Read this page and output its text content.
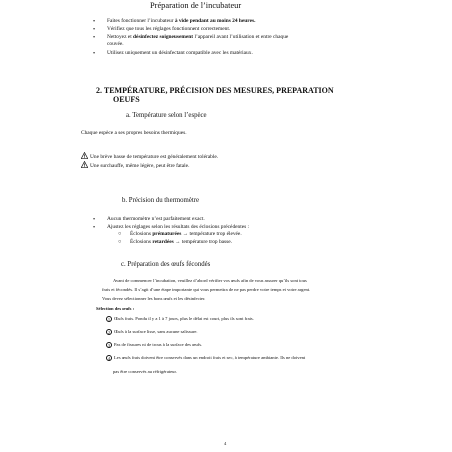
Préparation de l’incubateur
• Faites fonctionner l’incubateur à vide pendant au moins 24 heures.
• Vérifiez que tous les réglages fonctionnent correctement.
• Nettoyez et désinfectez soigneusement l’appareil avant l’utilisation et entre chaque
couvée.
• Utilisez uniquement un désinfectant compatible avec les matériaux.
2. TEMPÉRATURE, PRÉCISION DES MESURES, PREPARATION
OEUFS
a. Température selon l’espèce
Chaque espèce a ses propres besoins thermiques.
Une brève basse de température est généralement tolérable.
Une surchauffe, même légère, peut être fatale.
b. Précision du thermomètre
• Aucun thermomètre n’est parfaitement exact.
• Ajustez les réglages selon les résultats des éclosions précédentes :
○ Éclosions prématurées → température trop élevée.
○ Éclosions retardées → température trop basse.
c. Préparation des œufs fécondés
Avant de commencer l’incubation, veuillez d’abord vérifier vos œufs afin de vous assurer qu’ils sont tous
frais et fécondés. Il s’agit d’une étape importante qui vous permettra de ne pas perdre votre temps et votre argent.
Vous devez sélectionner les bons œufs et les désinfecter.
Sélection des œufs :
1 Œufs frais. Pondu il y a 1 à 7 jours, plus le délai est court, plus ils sont frais.
2 Œufs à la surface lisse, sans aucune salissure.
3 Pas de fissures ni de trous à la surface des œufs.
4 Les œufs frais doivent être conservés dans un endroit frais et sec, à température ambiante. Ils ne doivent
pas être conservés au réfrigérateur.
4
